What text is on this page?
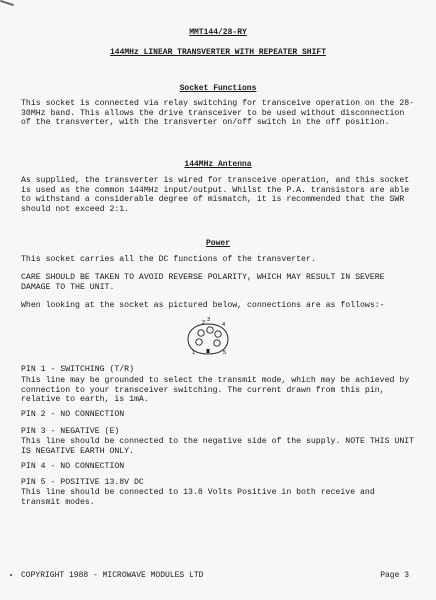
MMT144/28-RY
144MHz LINEAR TRANSVERTER WITH REPEATER SHIFT
Socket Functions
This socket is connected via relay switching for transceive operation on the 28-30MHz band. This allows the drive transceiver to be used without disconnection of the transverter, with the transverter on/off switch in the off position.
144MHz Antenna
As supplied, the transverter is wired for transceive operation, and this socket is used as the common 144MHz input/output. Whilst the P.A. transistors are able to withstand a considerable degree of mismatch, it is recommended that the SWR should not exceed 2:1.
Power
This socket carries all the DC functions of the transverter.
CARE SHOULD BE TAKEN TO AVOID REVERSE POLARITY, WHICH MAY RESULT IN SEVERE DAMAGE TO THE UNIT.
When looking at the socket as pictured below, connections are as follows:-
1
2 3
4
5
PIN 1 - SWITCHING (T/R)
This line may be grounded to select the transmit mode, which may be achieved by connection to your transceiver switching. The current drawn from this pin, relative to earth, is 1mA.
PIN 2 - NO CONNECTION
PIN 3 - NEGATIVE (E)
This line should be connected to the negative side of the supply. NOTE THIS UNIT IS NEGATIVE EARTH ONLY.
PIN 4 - NO CONNECTION
PIN 5 - POSITIVE 13.8V DC
This line should be connected to 13.8 Volts Positive in both receive and transmit modes.
COPYRIGHT 1988 - MICROWAVE MODULES LTD	Page 3
